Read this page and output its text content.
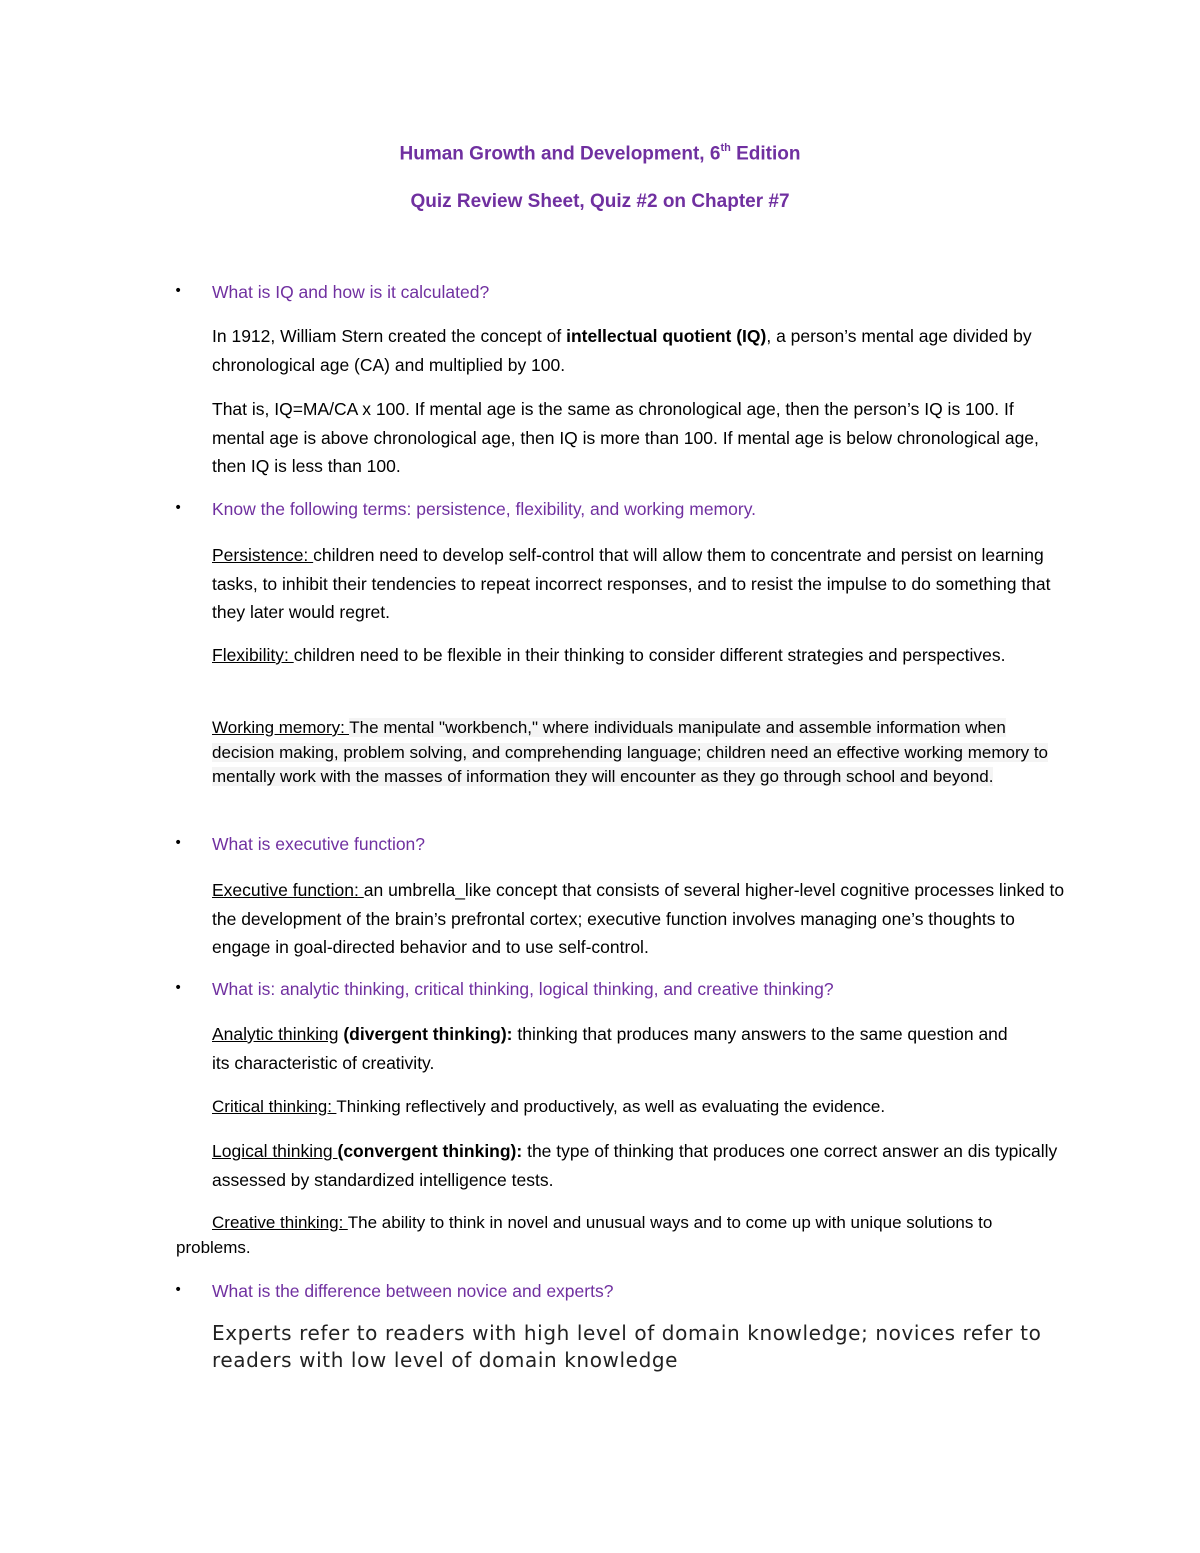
Human Growth and Development, 6th Edition
Quiz Review Sheet, Quiz #2 on Chapter #7
• What is IQ and how is it calculated?
In 1912, William Stern created the concept of intellectual quotient (IQ), a person’s mental age divided by chronological age (CA) and multiplied by 100.
That is, IQ=MA/CA x 100. If mental age is the same as chronological age, then the person’s IQ is 100. If mental age is above chronological age, then IQ is more than 100. If mental age is below chronological age, then IQ is less than 100.
• Know the following terms: persistence, flexibility, and working memory.
Persistence: children need to develop self-control that will allow them to concentrate and persist on learning tasks, to inhibit their tendencies to repeat incorrect responses, and to resist the impulse to do something that they later would regret.
Flexibility: children need to be flexible in their thinking to consider different strategies and perspectives.
Working memory: The mental "workbench," where individuals manipulate and assemble information when decision making, problem solving, and comprehending language; children need an effective working memory to mentally work with the masses of information they will encounter as they go through school and beyond.
• What is executive function?
Executive function: an umbrella_like concept that consists of several higher-level cognitive processes linked to the development of the brain’s prefrontal cortex; executive function involves managing one’s thoughts to engage in goal-directed behavior and to use self-control.
• What is: analytic thinking, critical thinking, logical thinking, and creative thinking?
Analytic thinking (divergent thinking): thinking that produces many answers to the same question and its characteristic of creativity.
Critical thinking: Thinking reflectively and productively, as well as evaluating the evidence.
Logical thinking (convergent thinking): the type of thinking that produces one correct answer an dis typically assessed by standardized intelligence tests.
Creative thinking: The ability to think in novel and unusual ways and to come up with unique solutions to problems.
• What is the difference between novice and experts?
Experts refer to readers with high level of domain knowledge; novices refer to readers with low level of domain knowledge
